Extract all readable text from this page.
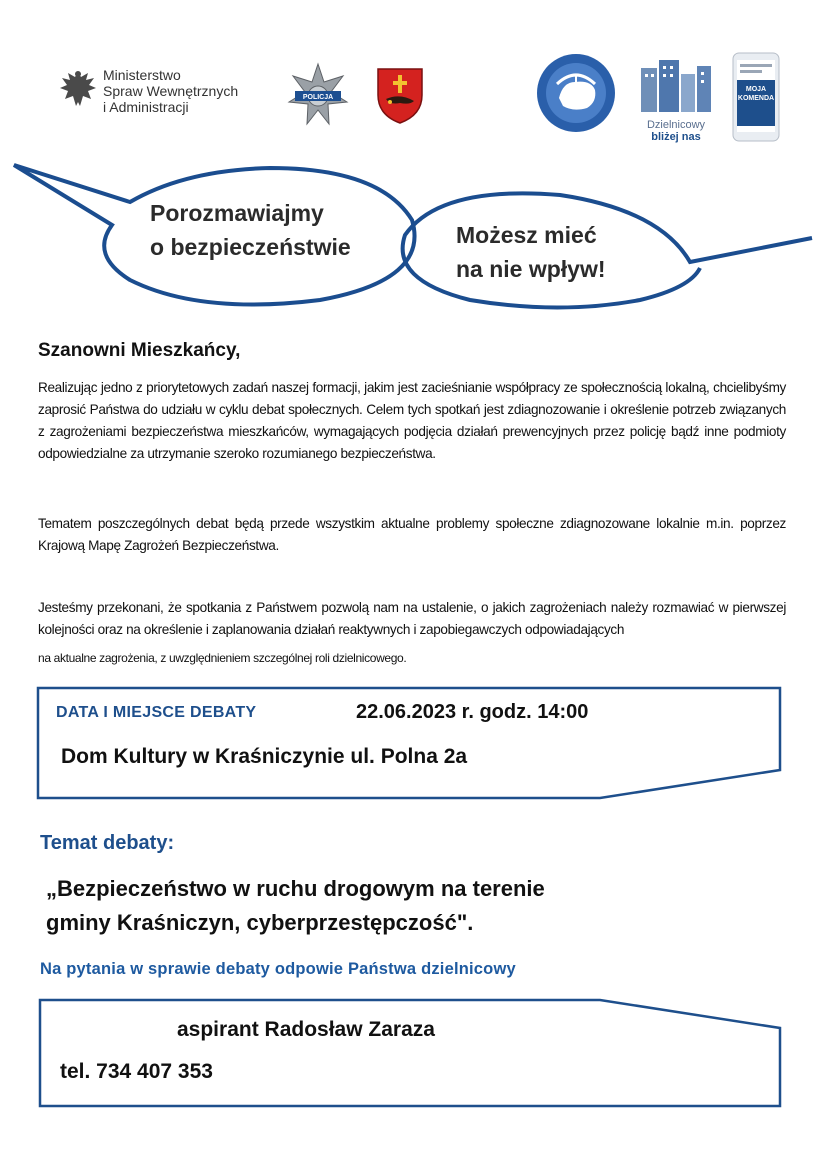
Ministerstwo
Spraw Wewnętrznych
i Administracji
POLICJA
Dzielnicowy
bliżej nas
MOJA
KOMENDA
Porozmawiajmy
o bezpieczeństwie	Możesz mieć
na nie wpływ!
Szanowni Mieszkańcy,
Realizując jedno z priorytetowych zadań naszej formacji, jakim jest zacieśnianie współpracy ze społecznością lokalną, chcielibyśmy zaprosić Państwa do udziału w cyklu debat społecznych. Celem tych spotkań jest zdiagnozowanie i określenie potrzeb związanych z zagrożeniami bezpieczeństwa mieszkańców, wymagających podjęcia działań prewencyjnych przez policję bądź inne podmioty odpowiedzialne za utrzymanie szeroko rozumianego bezpieczeństwa.
Tematem poszczególnych debat będą przede wszystkim aktualne problemy społeczne zdiagnozowane lokalnie m.in. poprzez Krajową Mapę Zagrożeń Bezpieczeństwa.
Jesteśmy przekonani, że spotkania z Państwem pozwolą nam na ustalenie, o jakich zagrożeniach należy rozmawiać w pierwszej kolejności oraz na określenie i zaplanowania działań reaktywnych i zapobiegawczych odpowiadających
na aktualne zagrożenia, z uwzględnieniem szczególnej roli dzielnicowego.
DATA I MIEJSCE DEBATY	22.06.2023 r. godz. 14:00
Dom Kultury w Kraśniczynie ul. Polna 2a
Temat debaty:
„Bezpieczeństwo w ruchu drogowym na terenie
gminy Kraśniczyn, cyberprzestępczość".
Na pytania w sprawie debaty odpowie Państwa dzielnicowy
aspirant Radosław Zaraza
tel. 734 407 353
